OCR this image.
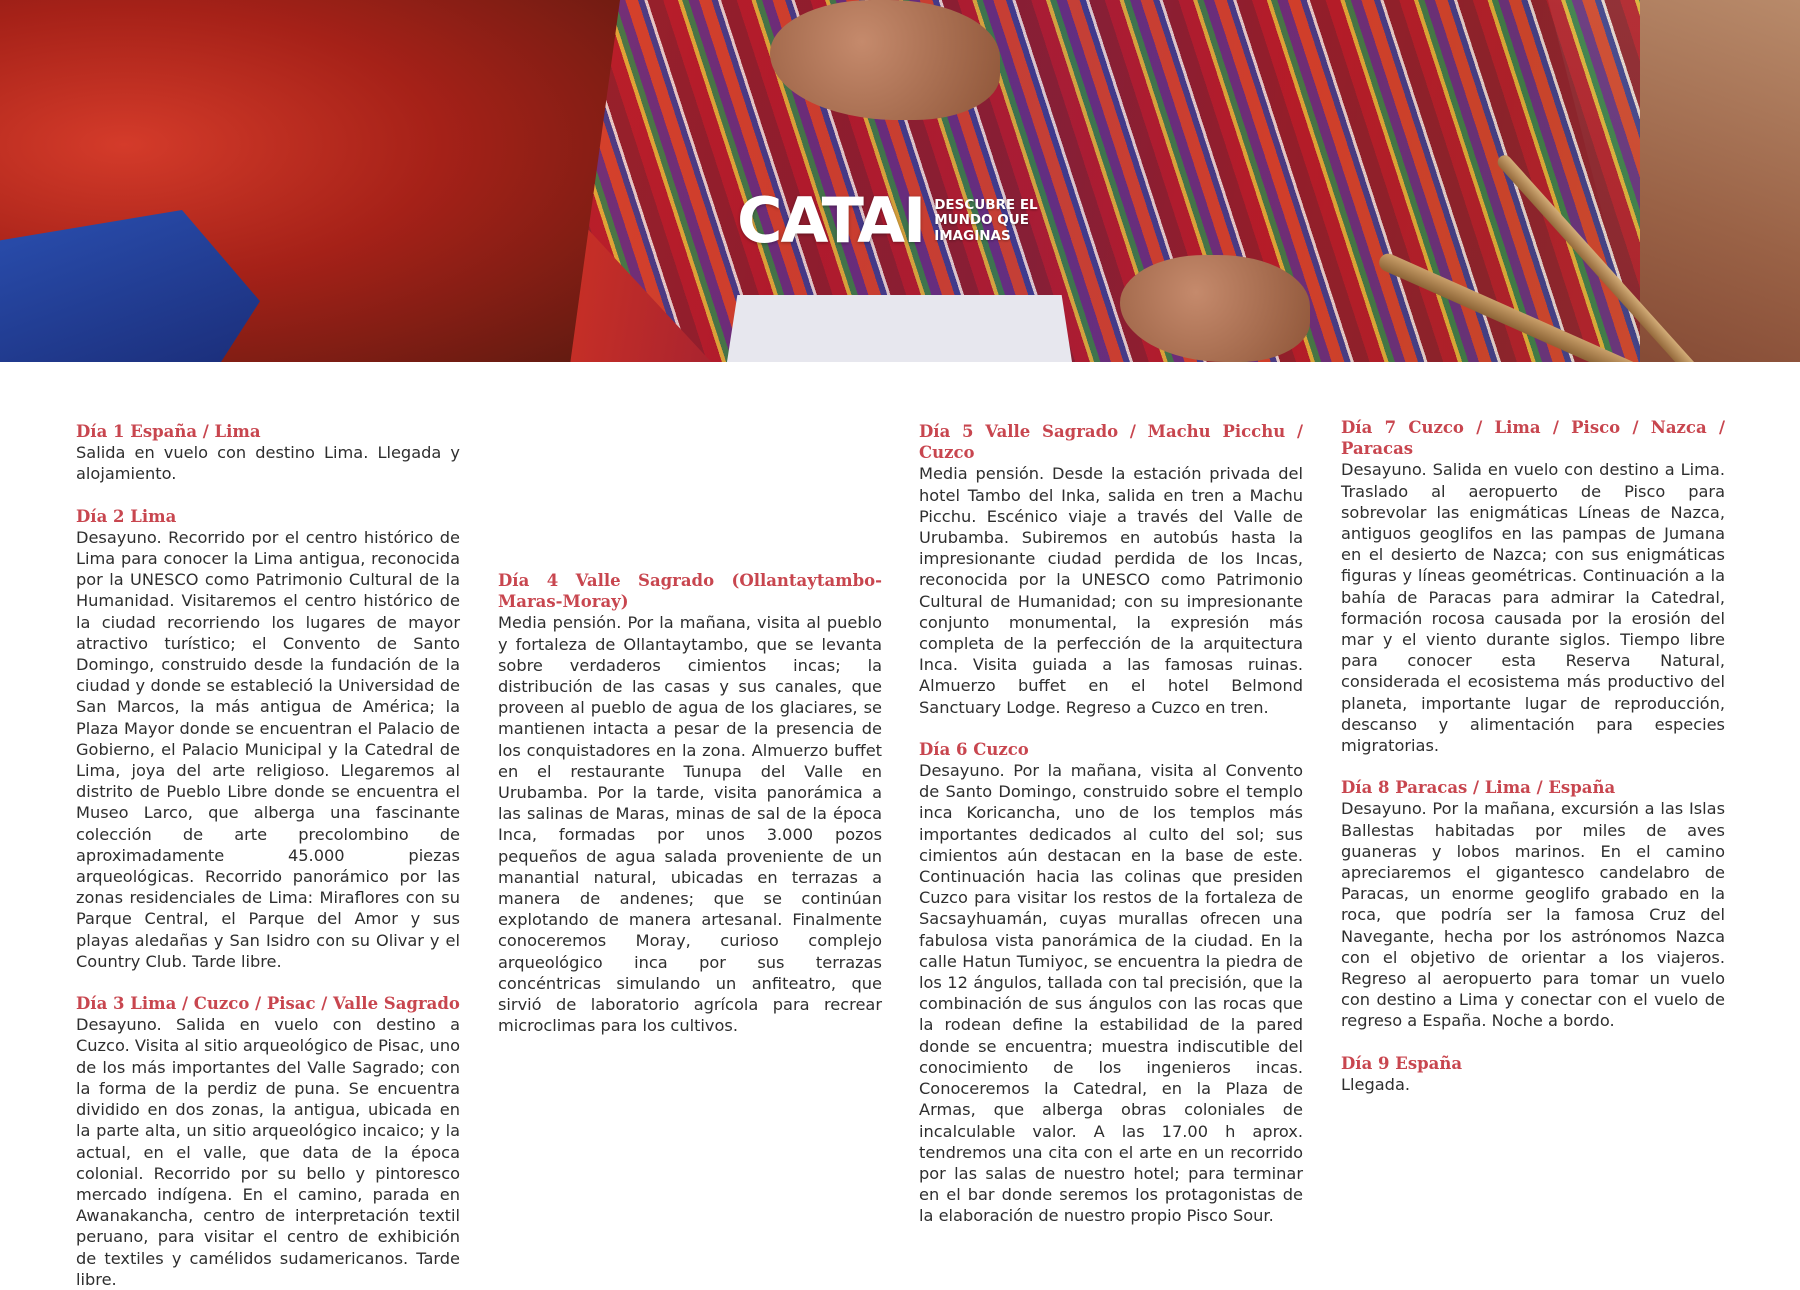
CATAI DESCUBRE EL MUNDO QUE IMAGINAS
Día 1 España / Lima

Salida en vuelo con destino Lima. Llegada y alojamiento.

Día 2 Lima

Desayuno. Recorrido por el centro histórico de Lima para conocer la Lima antigua, reconocida por la UNESCO como Patrimonio Cultural de la Humanidad. Visitaremos el centro histórico de la ciudad recorriendo los lugares de mayor atractivo turístico; el Convento de Santo Domingo, construido desde la fundación de la ciudad y donde se estableció la Universidad de San Marcos, la más antigua de América; la Plaza Mayor donde se encuentran el Palacio de Gobierno, el Palacio Municipal y la Catedral de Lima, joya del arte religioso. Llegaremos al distrito de Pueblo Libre donde se encuentra el Museo Larco, que alberga una fascinante colección de arte precolombino de aproximadamente 45.000 piezas arqueológicas. Recorrido panorámico por las zonas residenciales de Lima: Miraflores con su Parque Central, el Parque del Amor y sus playas aledañas y San Isidro con su Olivar y el Country Club. Tarde libre.

Día 3 Lima / Cuzco / Pisac / Valle Sagrado

Desayuno. Salida en vuelo con destino a Cuzco. Visita al sitio arqueológico de Pisac, uno de los más importantes del Valle Sagrado; con la forma de la perdiz de puna. Se encuentra dividido en dos zonas, la antigua, ubicada en la parte alta, un sitio arqueológico incaico; y la actual, en el valle, que data de la época colonial. Recorrido por su bello y pintoresco mercado indígena. En el camino, parada en Awanakancha, centro de interpretación textil peruano, para visitar el centro de exhibición de textiles y camélidos sudamericanos. Tarde libre.

Día 5 Valle Sagrado / Machu Picchu / Cuzco

Media pensión. Desde la estación privada del hotel Tambo del Inka, salida en tren a Machu Picchu. Escénico viaje a través del Valle de Urubamba. Subiremos en autobús hasta la impresionante ciudad perdida de los Incas, reconocida por la UNESCO como Patrimonio Cultural de Humanidad; con su impresionante conjunto monumental, la expresión más completa de la perfección de la arquitectura Inca. Visita guiada a las famosas ruinas. Almuerzo buffet en el hotel Belmond Sanctuary Lodge. Regreso a Cuzco en tren.

Día 6 Cuzco

Desayuno. Por la mañana, visita al Convento de Santo Domingo, construido sobre el templo inca Koricancha, uno de los templos más importantes dedicados al culto del sol; sus cimientos aún destacan en la base de este. Continuación hacia las colinas que presiden Cuzco para visitar los restos de la fortaleza de Sacsayhuamán, cuyas murallas ofrecen una fabulosa vista panorámica de la ciudad. En la calle Hatun Tumiyoc, se encuentra la piedra de los 12 ángulos, tallada con tal precisión, que la combinación de sus ángulos con las rocas que la rodean define la estabilidad de la pared donde se encuentra; muestra indiscutible del conocimiento de los ingenieros incas. Conoceremos la Catedral, en la Plaza de Armas, que alberga obras coloniales de incalculable valor. A las 17.00 h aprox. tendremos una cita con el arte en un recorrido por las salas de nuestro hotel; para terminar en el bar donde seremos los protagonistas de la elaboración de nuestro propio Pisco Sour.

Día 7 Cuzco / Lima / Pisco / Nazca / Paracas

Desayuno. Salida en vuelo con destino a Lima. Traslado al aeropuerto de Pisco para sobrevolar las enigmáticas Líneas de Nazca, antiguos geoglifos en las pampas de Jumana en el desierto de Nazca; con sus enigmáticas figuras y líneas geométricas. Continuación a la bahía de Paracas para admirar la Catedral, formación rocosa causada por la erosión del mar y el viento durante siglos. Tiempo libre para conocer esta Reserva Natural, considerada el ecosistema más productivo del planeta, importante lugar de reproducción, descanso y alimentación para especies migratorias.

Día 8 Paracas / Lima / España

Desayuno. Por la mañana, excursión a las Islas Ballestas habitadas por miles de aves guaneras y lobos marinos. En el camino apreciaremos el gigantesco candelabro de Paracas, un enorme geoglifo grabado en la roca, que podría ser la famosa Cruz del Navegante, hecha por los astrónomos Nazca con el objetivo de orientar a los viajeros. Regreso al aeropuerto para tomar un vuelo con destino a Lima y conectar con el vuelo de regreso a España. Noche a bordo.

Día 9 España

Llegada.

Día 4 Valle Sagrado (Ollantaytambo-Maras-Moray)

Media pensión. Por la mañana, visita al pueblo y fortaleza de Ollantaytambo, que se levanta sobre verdaderos cimientos incas; la distribución de las casas y sus canales, que proveen al pueblo de agua de los glaciares, se mantienen intacta a pesar de la presencia de los conquistadores en la zona. Almuerzo buffet en el restaurante Tunupa del Valle en Urubamba. Por la tarde, visita panorámica a las salinas de Maras, minas de sal de la época Inca, formadas por unos 3.000 pozos pequeños de agua salada proveniente de un manantial natural, ubicadas en terrazas a manera de andenes; que se continúan explotando de manera artesanal. Finalmente conoceremos Moray, curioso complejo arqueológico inca por sus terrazas concéntricas simulando un anfiteatro, que sirvió de laboratorio agrícola para recrear microclimas para los cultivos.
